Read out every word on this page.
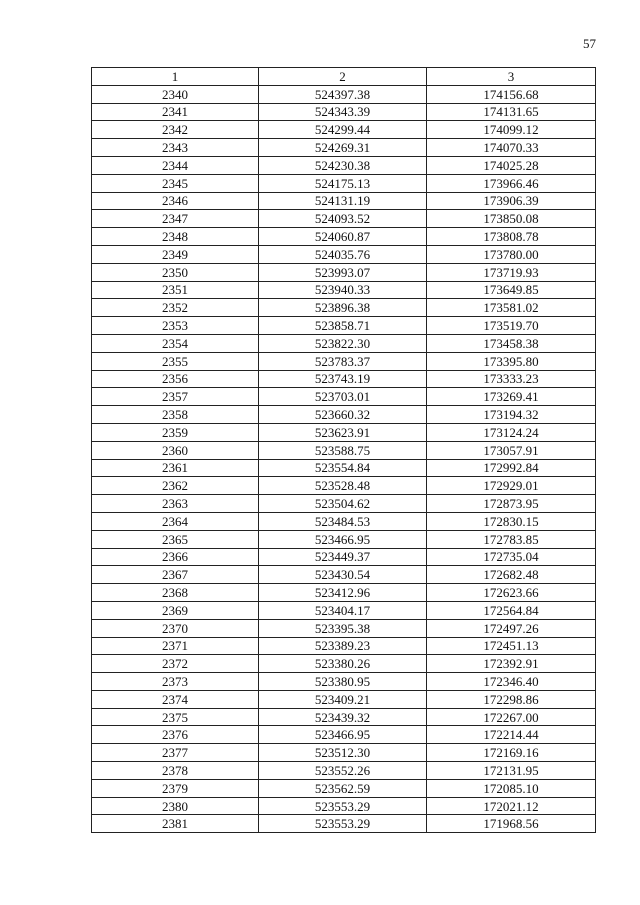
57
1	2	3
2340	524397.38	174156.68
2341	524343.39	174131.65
2342	524299.44	174099.12
2343	524269.31	174070.33
2344	524230.38	174025.28
2345	524175.13	173966.46
2346	524131.19	173906.39
2347	524093.52	173850.08
2348	524060.87	173808.78
2349	524035.76	173780.00
2350	523993.07	173719.93
2351	523940.33	173649.85
2352	523896.38	173581.02
2353	523858.71	173519.70
2354	523822.30	173458.38
2355	523783.37	173395.80
2356	523743.19	173333.23
2357	523703.01	173269.41
2358	523660.32	173194.32
2359	523623.91	173124.24
2360	523588.75	173057.91
2361	523554.84	172992.84
2362	523528.48	172929.01
2363	523504.62	172873.95
2364	523484.53	172830.15
2365	523466.95	172783.85
2366	523449.37	172735.04
2367	523430.54	172682.48
2368	523412.96	172623.66
2369	523404.17	172564.84
2370	523395.38	172497.26
2371	523389.23	172451.13
2372	523380.26	172392.91
2373	523380.95	172346.40
2374	523409.21	172298.86
2375	523439.32	172267.00
2376	523466.95	172214.44
2377	523512.30	172169.16
2378	523552.26	172131.95
2379	523562.59	172085.10
2380	523553.29	172021.12
2381	523553.29	171968.56
